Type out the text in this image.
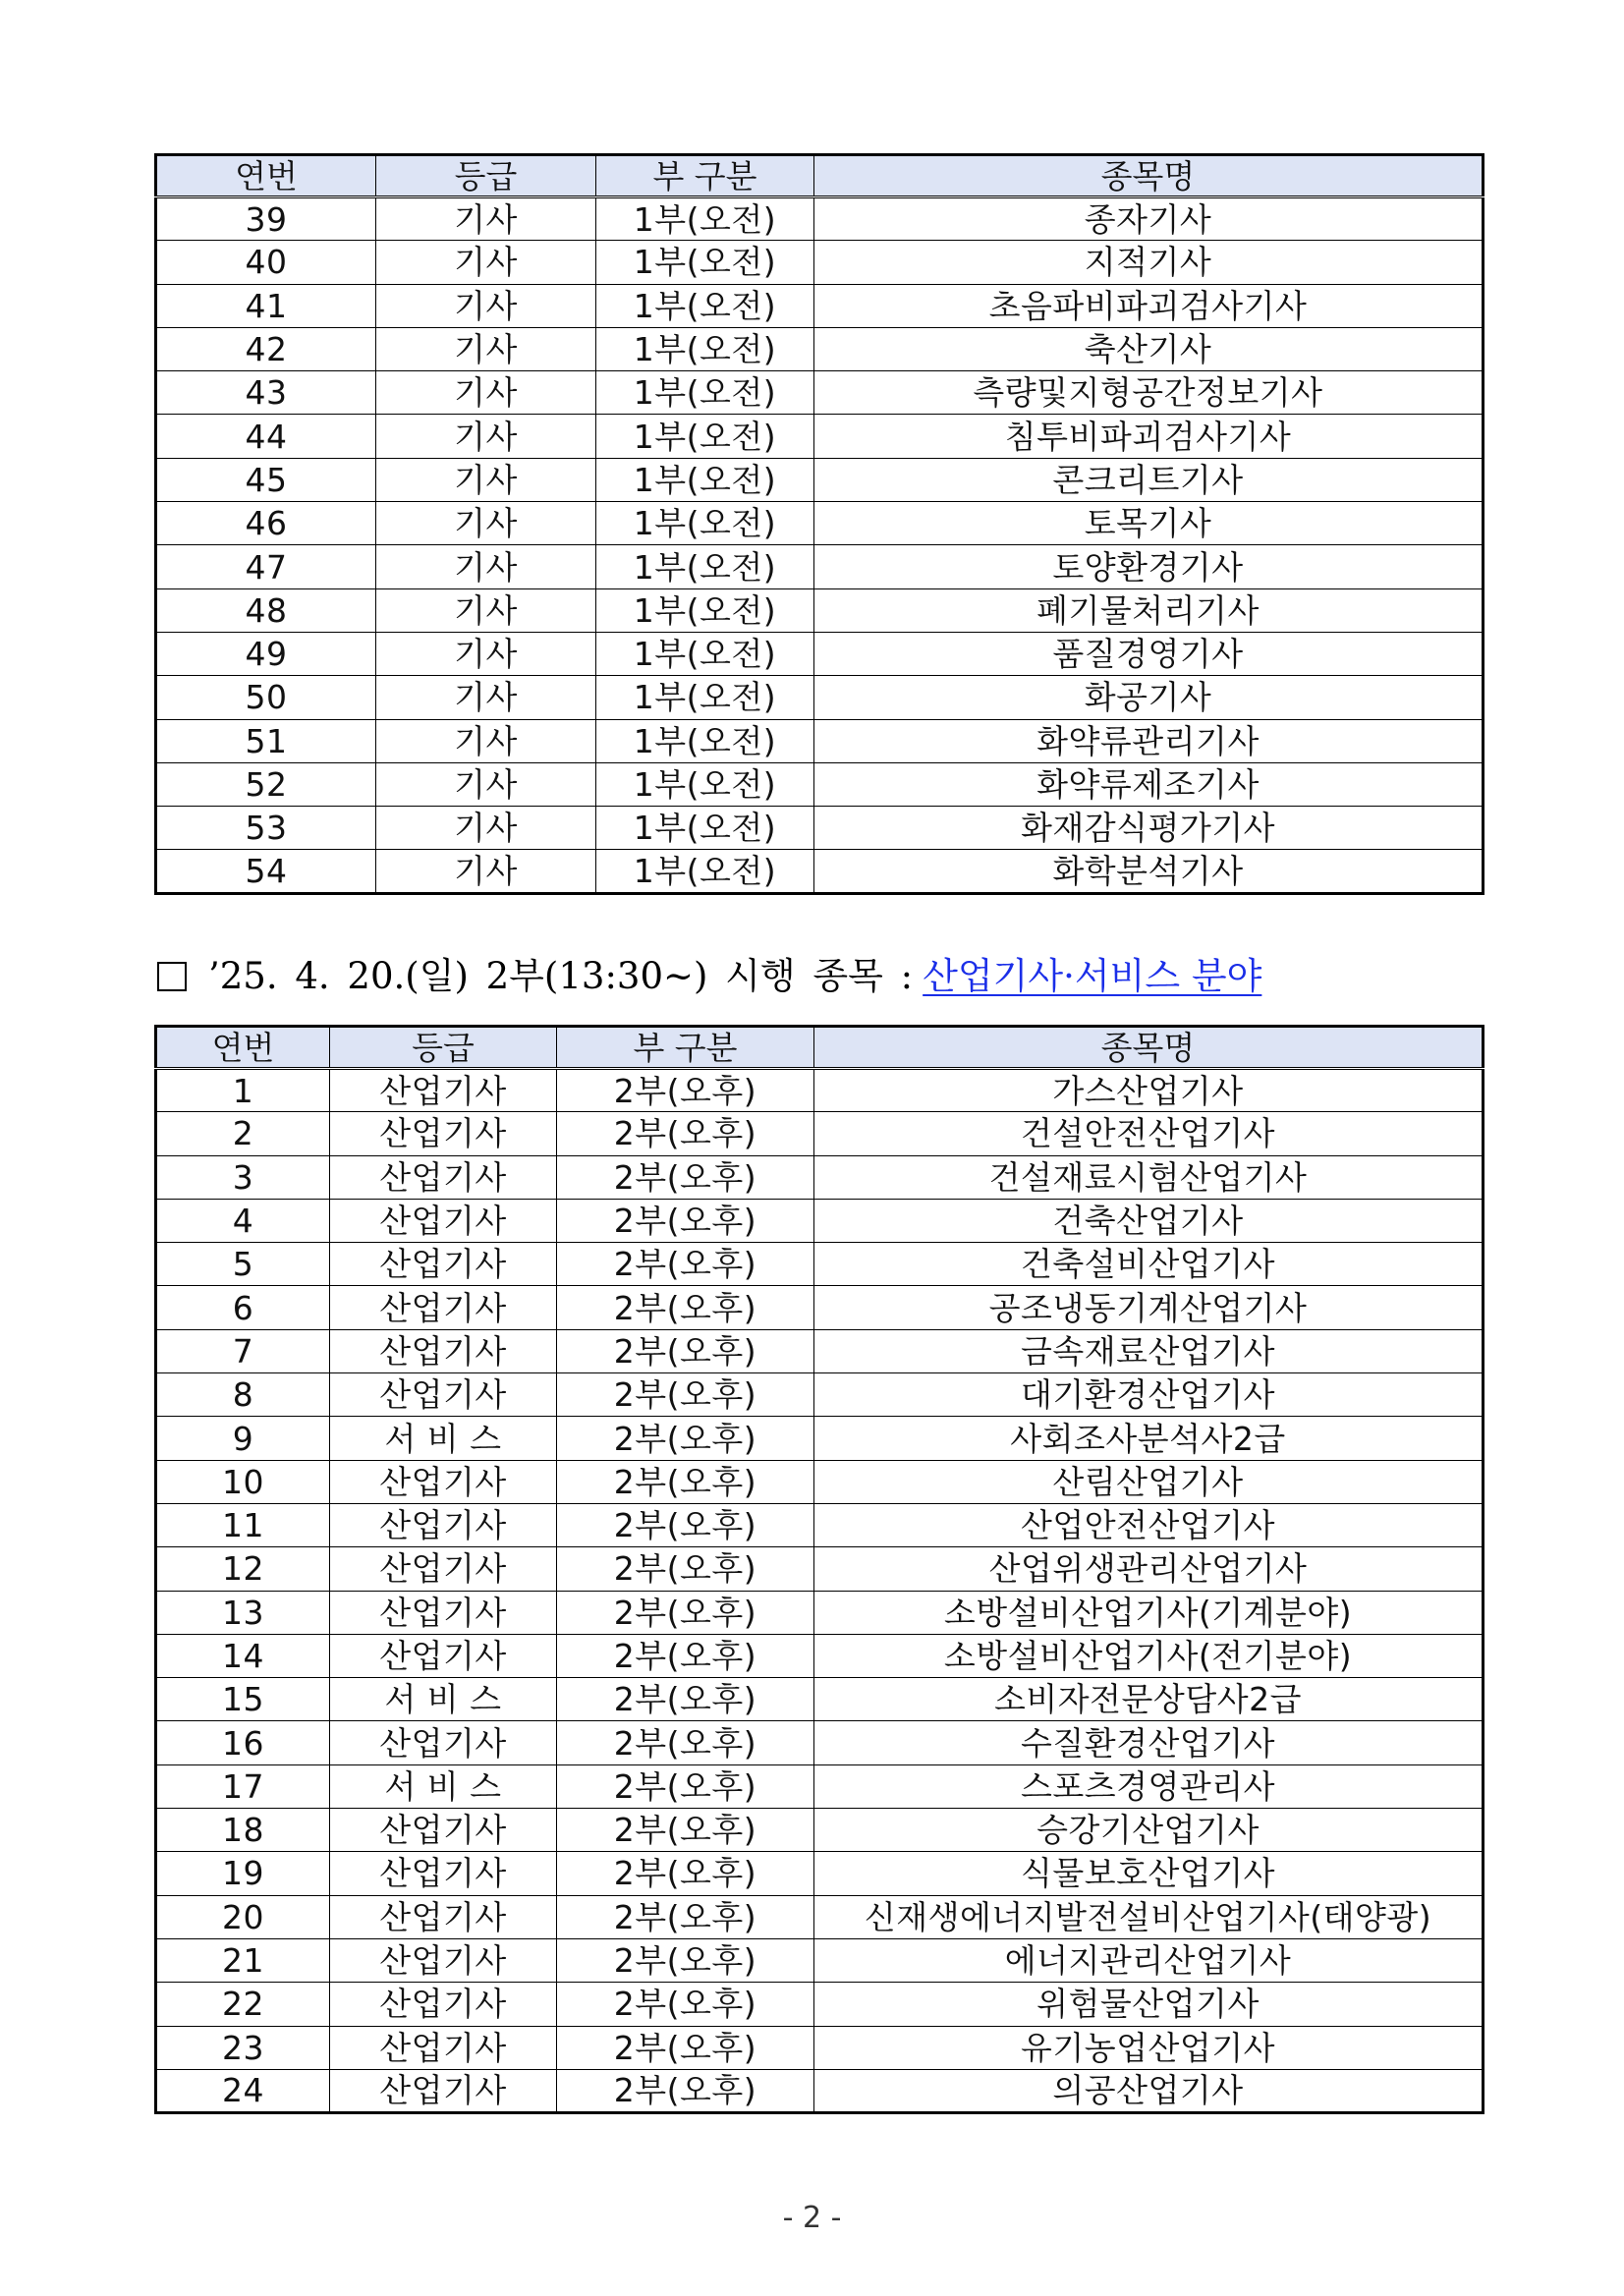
연번	등급	부 구분	종목명
39	기사	1부(오전)	종자기사
40	기사	1부(오전)	지적기사
41	기사	1부(오전)	초음파비파괴검사기사
42	기사	1부(오전)	축산기사
43	기사	1부(오전)	측량및지형공간정보기사
44	기사	1부(오전)	침투비파괴검사기사
45	기사	1부(오전)	콘크리트기사
46	기사	1부(오전)	토목기사
47	기사	1부(오전)	토양환경기사
48	기사	1부(오전)	폐기물처리기사
49	기사	1부(오전)	품질경영기사
50	기사	1부(오전)	화공기사
51	기사	1부(오전)	화약류관리기사
52	기사	1부(오전)	화약류제조기사
53	기사	1부(오전)	화재감식평가기사
54	기사	1부(오전)	화학분석기사
’25. 4. 20.(일) 2부(13:30~) 시행 종목 : 산업기사·서비스 분야
연번	등급	부 구분	종목명
1	산업기사	2부(오후)	가스산업기사
2	산업기사	2부(오후)	건설안전산업기사
3	산업기사	2부(오후)	건설재료시험산업기사
4	산업기사	2부(오후)	건축산업기사
5	산업기사	2부(오후)	건축설비산업기사
6	산업기사	2부(오후)	공조냉동기계산업기사
7	산업기사	2부(오후)	금속재료산업기사
8	산업기사	2부(오후)	대기환경산업기사
9	서 비 스	2부(오후)	사회조사분석사2급
10	산업기사	2부(오후)	산림산업기사
11	산업기사	2부(오후)	산업안전산업기사
12	산업기사	2부(오후)	산업위생관리산업기사
13	산업기사	2부(오후)	소방설비산업기사(기계분야)
14	산업기사	2부(오후)	소방설비산업기사(전기분야)
15	서 비 스	2부(오후)	소비자전문상담사2급
16	산업기사	2부(오후)	수질환경산업기사
17	서 비 스	2부(오후)	스포츠경영관리사
18	산업기사	2부(오후)	승강기산업기사
19	산업기사	2부(오후)	식물보호산업기사
20	산업기사	2부(오후)	신재생에너지발전설비산업기사(태양광)
21	산업기사	2부(오후)	에너지관리산업기사
22	산업기사	2부(오후)	위험물산업기사
23	산업기사	2부(오후)	유기농업산업기사
24	산업기사	2부(오후)	의공산업기사
- 2 -
